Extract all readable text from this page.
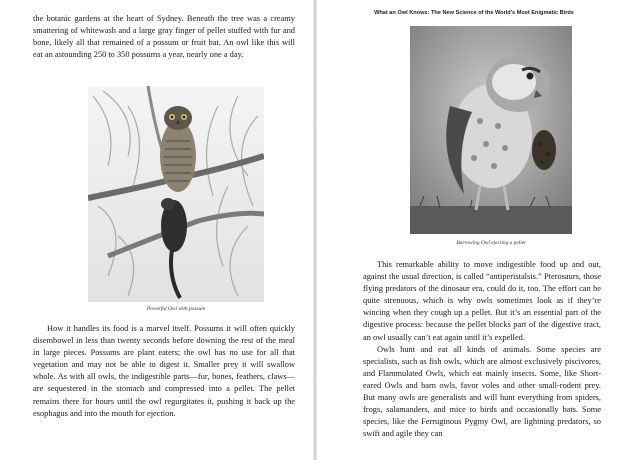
the botanic gardens at the heart of Sydney. Beneath the tree was a creamy smattering of whitewash and a large gray finger of pellet stuffed with fur and bone, likely all that remained of a possum or fruit bat. An owl like this will eat an astounding 250 to 350 possums a year, nearly one a day.

Powerful Owl with possum

How it handles its food is a marvel itself. Possums it will often quickly disembowel in less than twenty seconds before downing the rest of the meal in large pieces. Possums are plant eaters; the owl has no use for all that vegetation and may not be able to digest it. Smaller prey it will swallow whole. As with all owls, the indigestible parts—fur, bones, feathers, claws—are sequestered in the stomach and compressed into a pellet. The pellet remains there for hours until the owl regurgitates it, pushing it back up the esophagus and into the mouth for ejection.

What an Owl Knows: The New Science of the World's Most Enigmatic Birds
Burrowing Owl ejecting a pellet

This remarkable ability to move indigestible food up and out, against the usual direction, is called “antiperistalsis.” Pterosaurs, those flying predators of the dinosaur era, could do it, too. The effort can be quite strenuous, which is why owls sometimes look as if they’re wincing when they cough up a pellet. But it’s an essential part of the digestive process: because the pellet blocks part of the digestive tract, an owl usually can’t eat again until it’s expelled.

Owls hunt and eat all kinds of animals. Some species are specialists, such as fish owls, which are almost exclusively piscivores, and Flammulated Owls, which eat mainly insects. Some, like Short-eared Owls and barn owls, favor voles and other small-rodent prey. But many owls are generalists and will hunt everything from spiders, frogs, salamanders, and mice to birds and occasionally bats. Some species, like the Ferruginous Pygmy Owl, are lightning predators, so swift and agile they can
